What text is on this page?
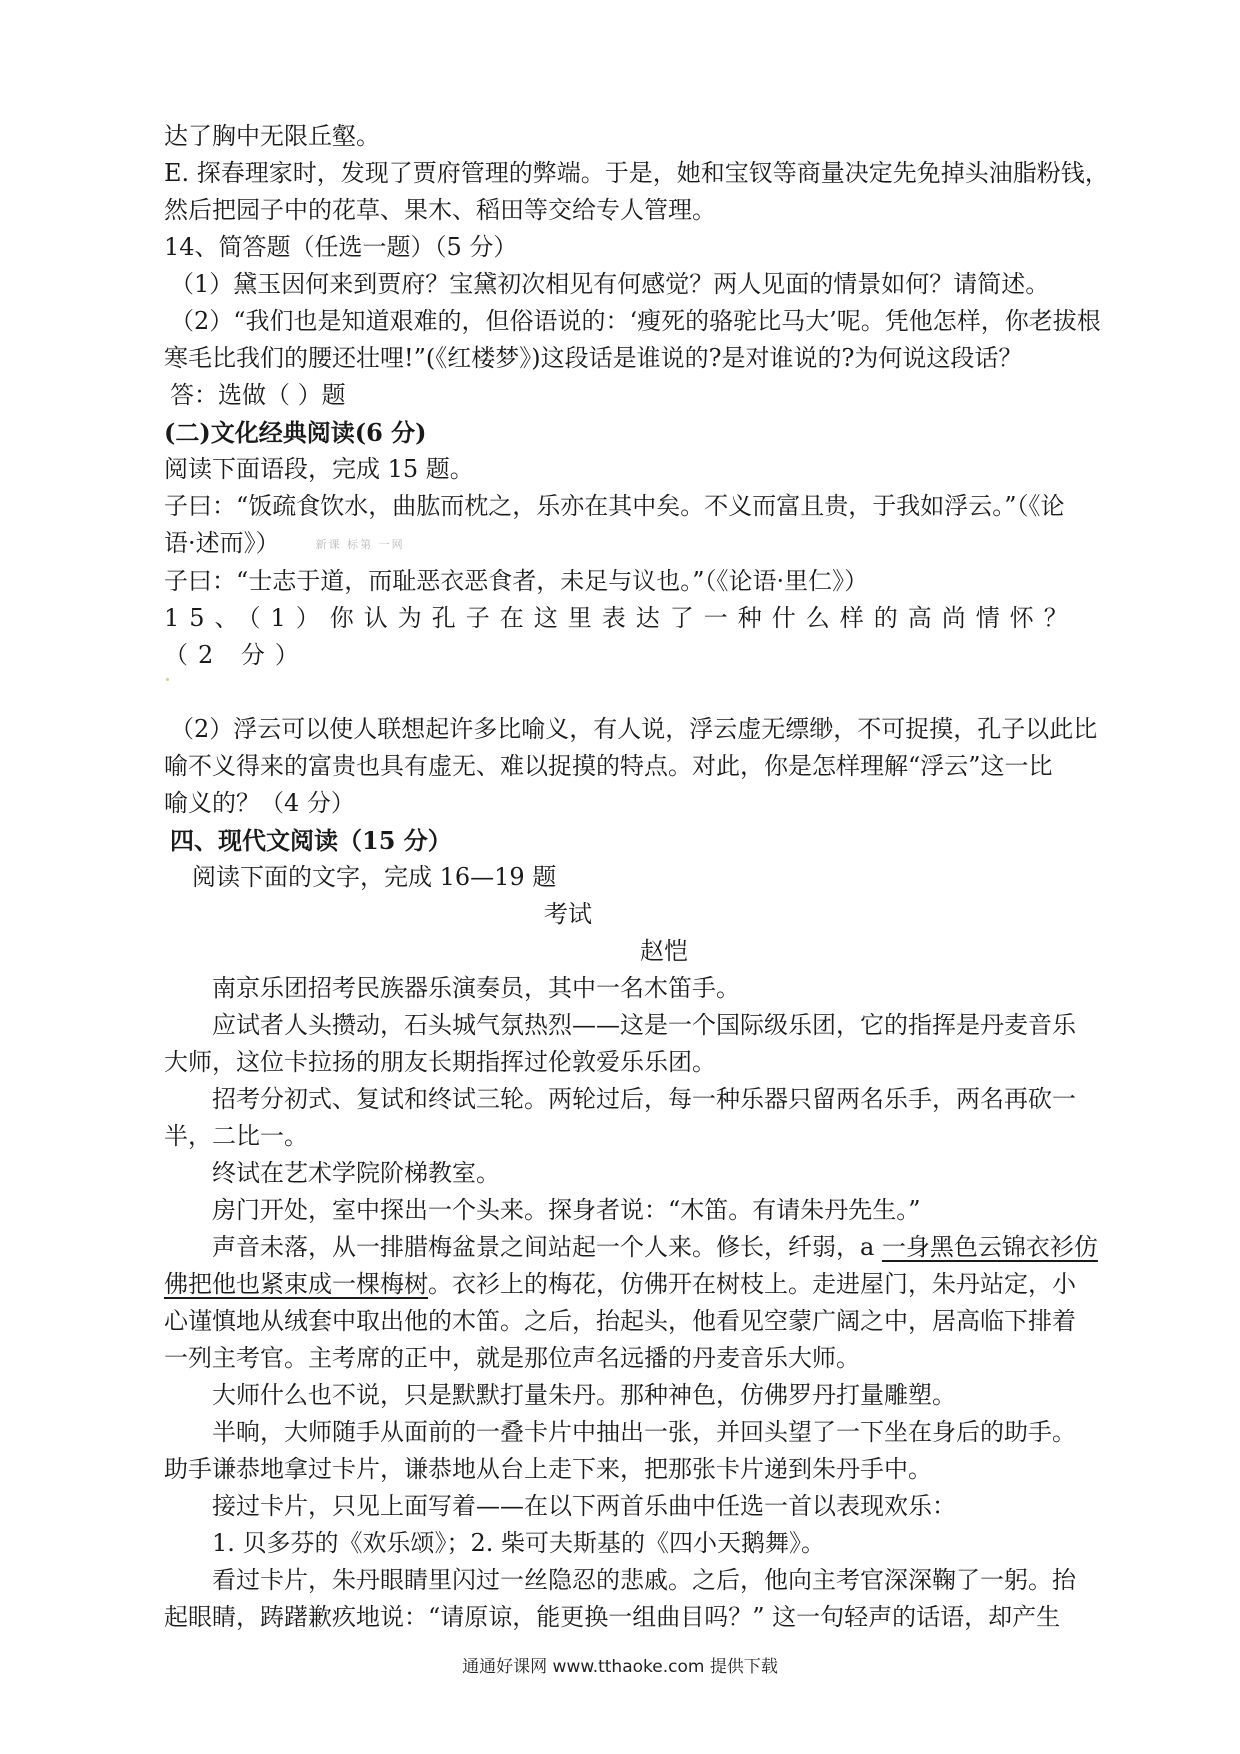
达了胸中无限丘壑。

E. 探春理家时，发现了贾府管理的弊端。于是，她和宝钗等商量决定先免掉头油脂粉钱，

然后把园子中的花草、果木、稻田等交给专人管理。

14、简答题（任选一题）（5 分）

（1）黛玉因何来到贾府？宝黛初次相见有何感觉？两人见面的情景如何？请简述。

（2）“我们也是知道艰难的，但俗语说的：‘瘦死的骆驼比马大’呢。凭他怎样，你老拔根

寒毛比我们的腰还壮哩!”(《红楼梦》)这段话是谁说的?是对谁说的?为何说这段话？

答：选做（ ）题

(二)文化经典阅读(6 分)

阅读下面语段，完成 15 题。

子曰：“饭疏食饮水，曲肱而枕之，乐亦在其中矣。不义而富且贵，于我如浮云。”（《论

语·述而》）	新课 标第 一网

子曰：“士志于道，而耻恶衣恶食者，未足与议也。”（《论语·里仁》）

15、（1）你认为孔子在这里表达了一种什么样的高尚情怀？（2 分）

（2）浮云可以使人联想起许多比喻义，有人说，浮云虚无缥缈，不可捉摸，孔子以此比

喻不义得来的富贵也具有虚无、难以捉摸的特点。对此，你是怎样理解“浮云”这一比

喻义的？（4 分）

四、现代文阅读（15 分）

阅读下面的文字，完成 16—19 题

考试

赵恺

南京乐团招考民族器乐演奏员，其中一名木笛手。

应试者人头攒动，石头城气氛热烈——这是一个国际级乐团，它的指挥是丹麦音乐

大师，这位卡拉扬的朋友长期指挥过伦敦爱乐乐团。

招考分初式、复试和终试三轮。两轮过后，每一种乐器只留两名乐手，两名再砍一

半，二比一。

终试在艺术学院阶梯教室。

房门开处，室中探出一个头来。探身者说：“木笛。有请朱丹先生。”

声音未落，从一排腊梅盆景之间站起一个人来。修长，纤弱，a 一身黑色云锦衣衫仿

佛把他也紧束成一棵梅树。衣衫上的梅花，仿佛开在树枝上。走进屋门，朱丹站定，小

心谨慎地从绒套中取出他的木笛。之后，抬起头，他看见空蒙广阔之中，居高临下排着

一列主考官。主考席的正中，就是那位声名远播的丹麦音乐大师。

大师什么也不说，只是默默打量朱丹。那种神色，仿佛罗丹打量雕塑。

半晌，大师随手从面前的一叠卡片中抽出一张，并回头望了一下坐在身后的助手。

助手谦恭地拿过卡片，谦恭地从台上走下来，把那张卡片递到朱丹手中。

接过卡片，只见上面写着——在以下两首乐曲中任选一首以表现欢乐：

1. 贝多芬的《欢乐颂》；2. 柴可夫斯基的《四小天鹅舞》。

看过卡片，朱丹眼睛里闪过一丝隐忍的悲戚。之后，他向主考官深深鞠了一躬。抬

起眼睛，踌躇歉疚地说：“请原谅，能更换一组曲目吗？” 这一句轻声的话语，却产生

通通好课网 www.tthaoke.com 提供下载
